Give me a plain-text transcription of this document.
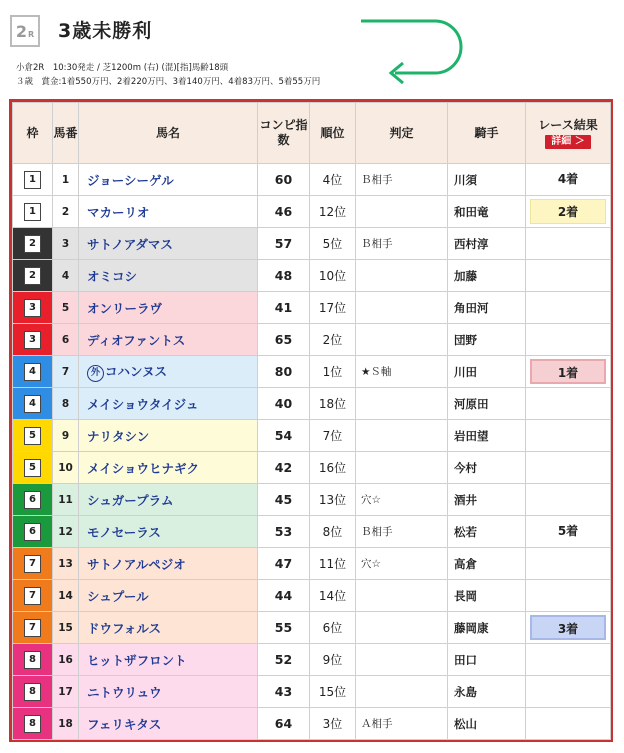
2 R 3歳未勝利
小倉2R　10:30発走 / 芝1200m (右) (混)[指]馬齢18頭
３歳　賞金:1着550万円、2着220万円、3着140万円、4着83万円、5着55万円
枠	馬番	馬名	コンピ指数	順位	判定	騎手	レース結果
詳細 ＞
1	1	ジョーシーゲル	60	4位	Ｂ相手	川須	4着
1	2	マカーリオ	46	12位		和田竜	2着
2	3	サトノアダマス	57	5位	Ｂ相手	西村淳	
2	4	オミコシ	48	10位		加藤	
3	5	オンリーラヴ	41	17位		角田河	
3	6	ディオファントス	65	2位		団野	
4	7	外 コハンヌス	80	1位	★Ｓ軸	川田	1着
4	8	メイショウタイジュ	40	18位		河原田	
5	9	ナリタシン	54	7位		岩田望	
5	10	メイショウヒナギク	42	16位		今村	
6	11	シュガープラム	45	13位	穴☆	酒井	
6	12	モノセーラス	53	8位	Ｂ相手	松若	5着
7	13	サトノアルペジオ	47	11位	穴☆	高倉	
7	14	シュプール	44	14位		長岡	
7	15	ドウフォルス	55	6位		藤岡康	3着
8	16	ヒットザフロント	52	9位		田口	
8	17	ニトウリュウ	43	15位		永島	
8	18	フェリキタス	64	3位	Ａ相手	松山	
